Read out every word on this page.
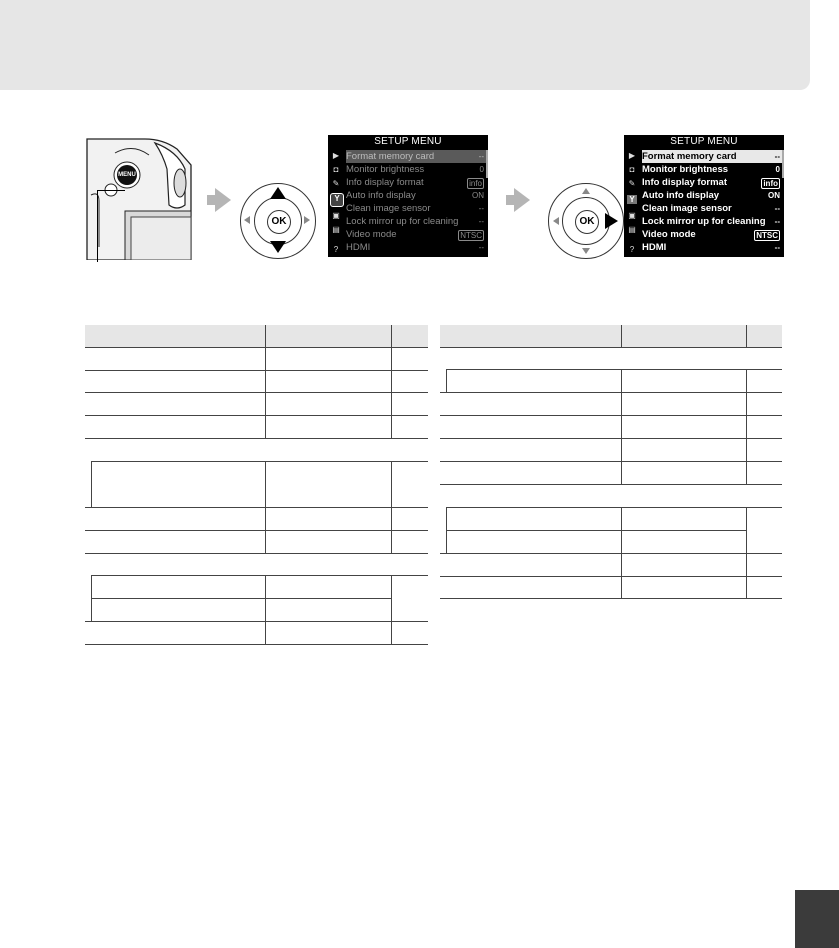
MENU
OK
SETUP MENU
▶
◘
✎
Y
▣
▤
?
Format memory card	--
Monitor brightness	0
Info display format	info
Auto info display	ON
Clean image sensor	--
Lock mirror up for cleaning	--
Video mode	NTSC
HDMI	--
OK
SETUP MENU
▶
◘
✎
Y
▣
▤
?
Format memory card	--
Monitor brightness	0
Info display format	info
Auto info display	ON
Clean image sensor	--
Lock mirror up for cleaning --
Video mode	NTSC
HDMI	--
